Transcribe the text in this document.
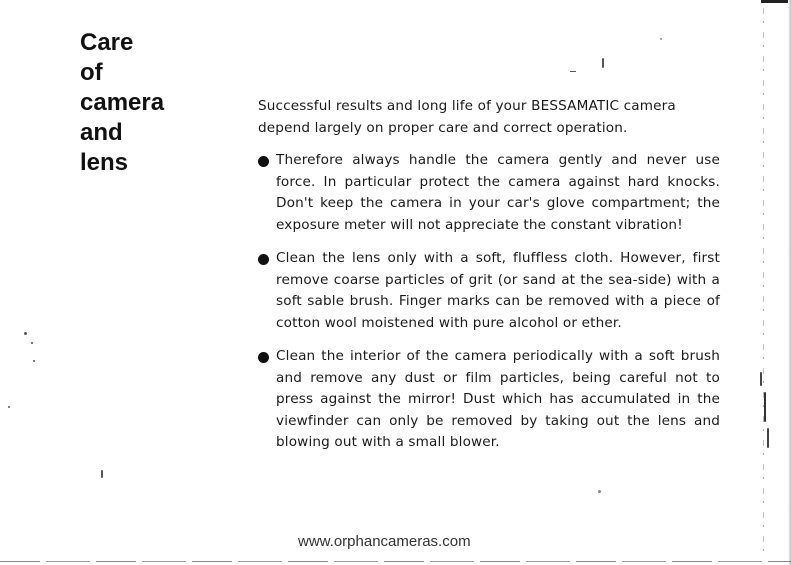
Care
of
camera
and
lens

Successful results and long life of your BESSAMATIC camera depend largely on proper care and correct operation.

Therefore always handle the camera gently and never use force. In particular protect the camera against hard knocks. Don't keep the camera in your car's glove compartment; the exposure meter will not appreciate the constant vibration!
Clean the lens only with a soft, fluffless cloth. However, first remove coarse particles of grit (or sand at the sea-side) with a soft sable brush. Finger marks can be removed with a piece of cotton wool moistened with pure alcohol or ether.
Clean the interior of the camera periodically with a soft brush and remove any dust or film particles, being careful not to press against the mirror! Dust which has accumulated in the viewfinder can only be removed by taking out the lens and blowing out with a small blower.
www.orphancameras.com
